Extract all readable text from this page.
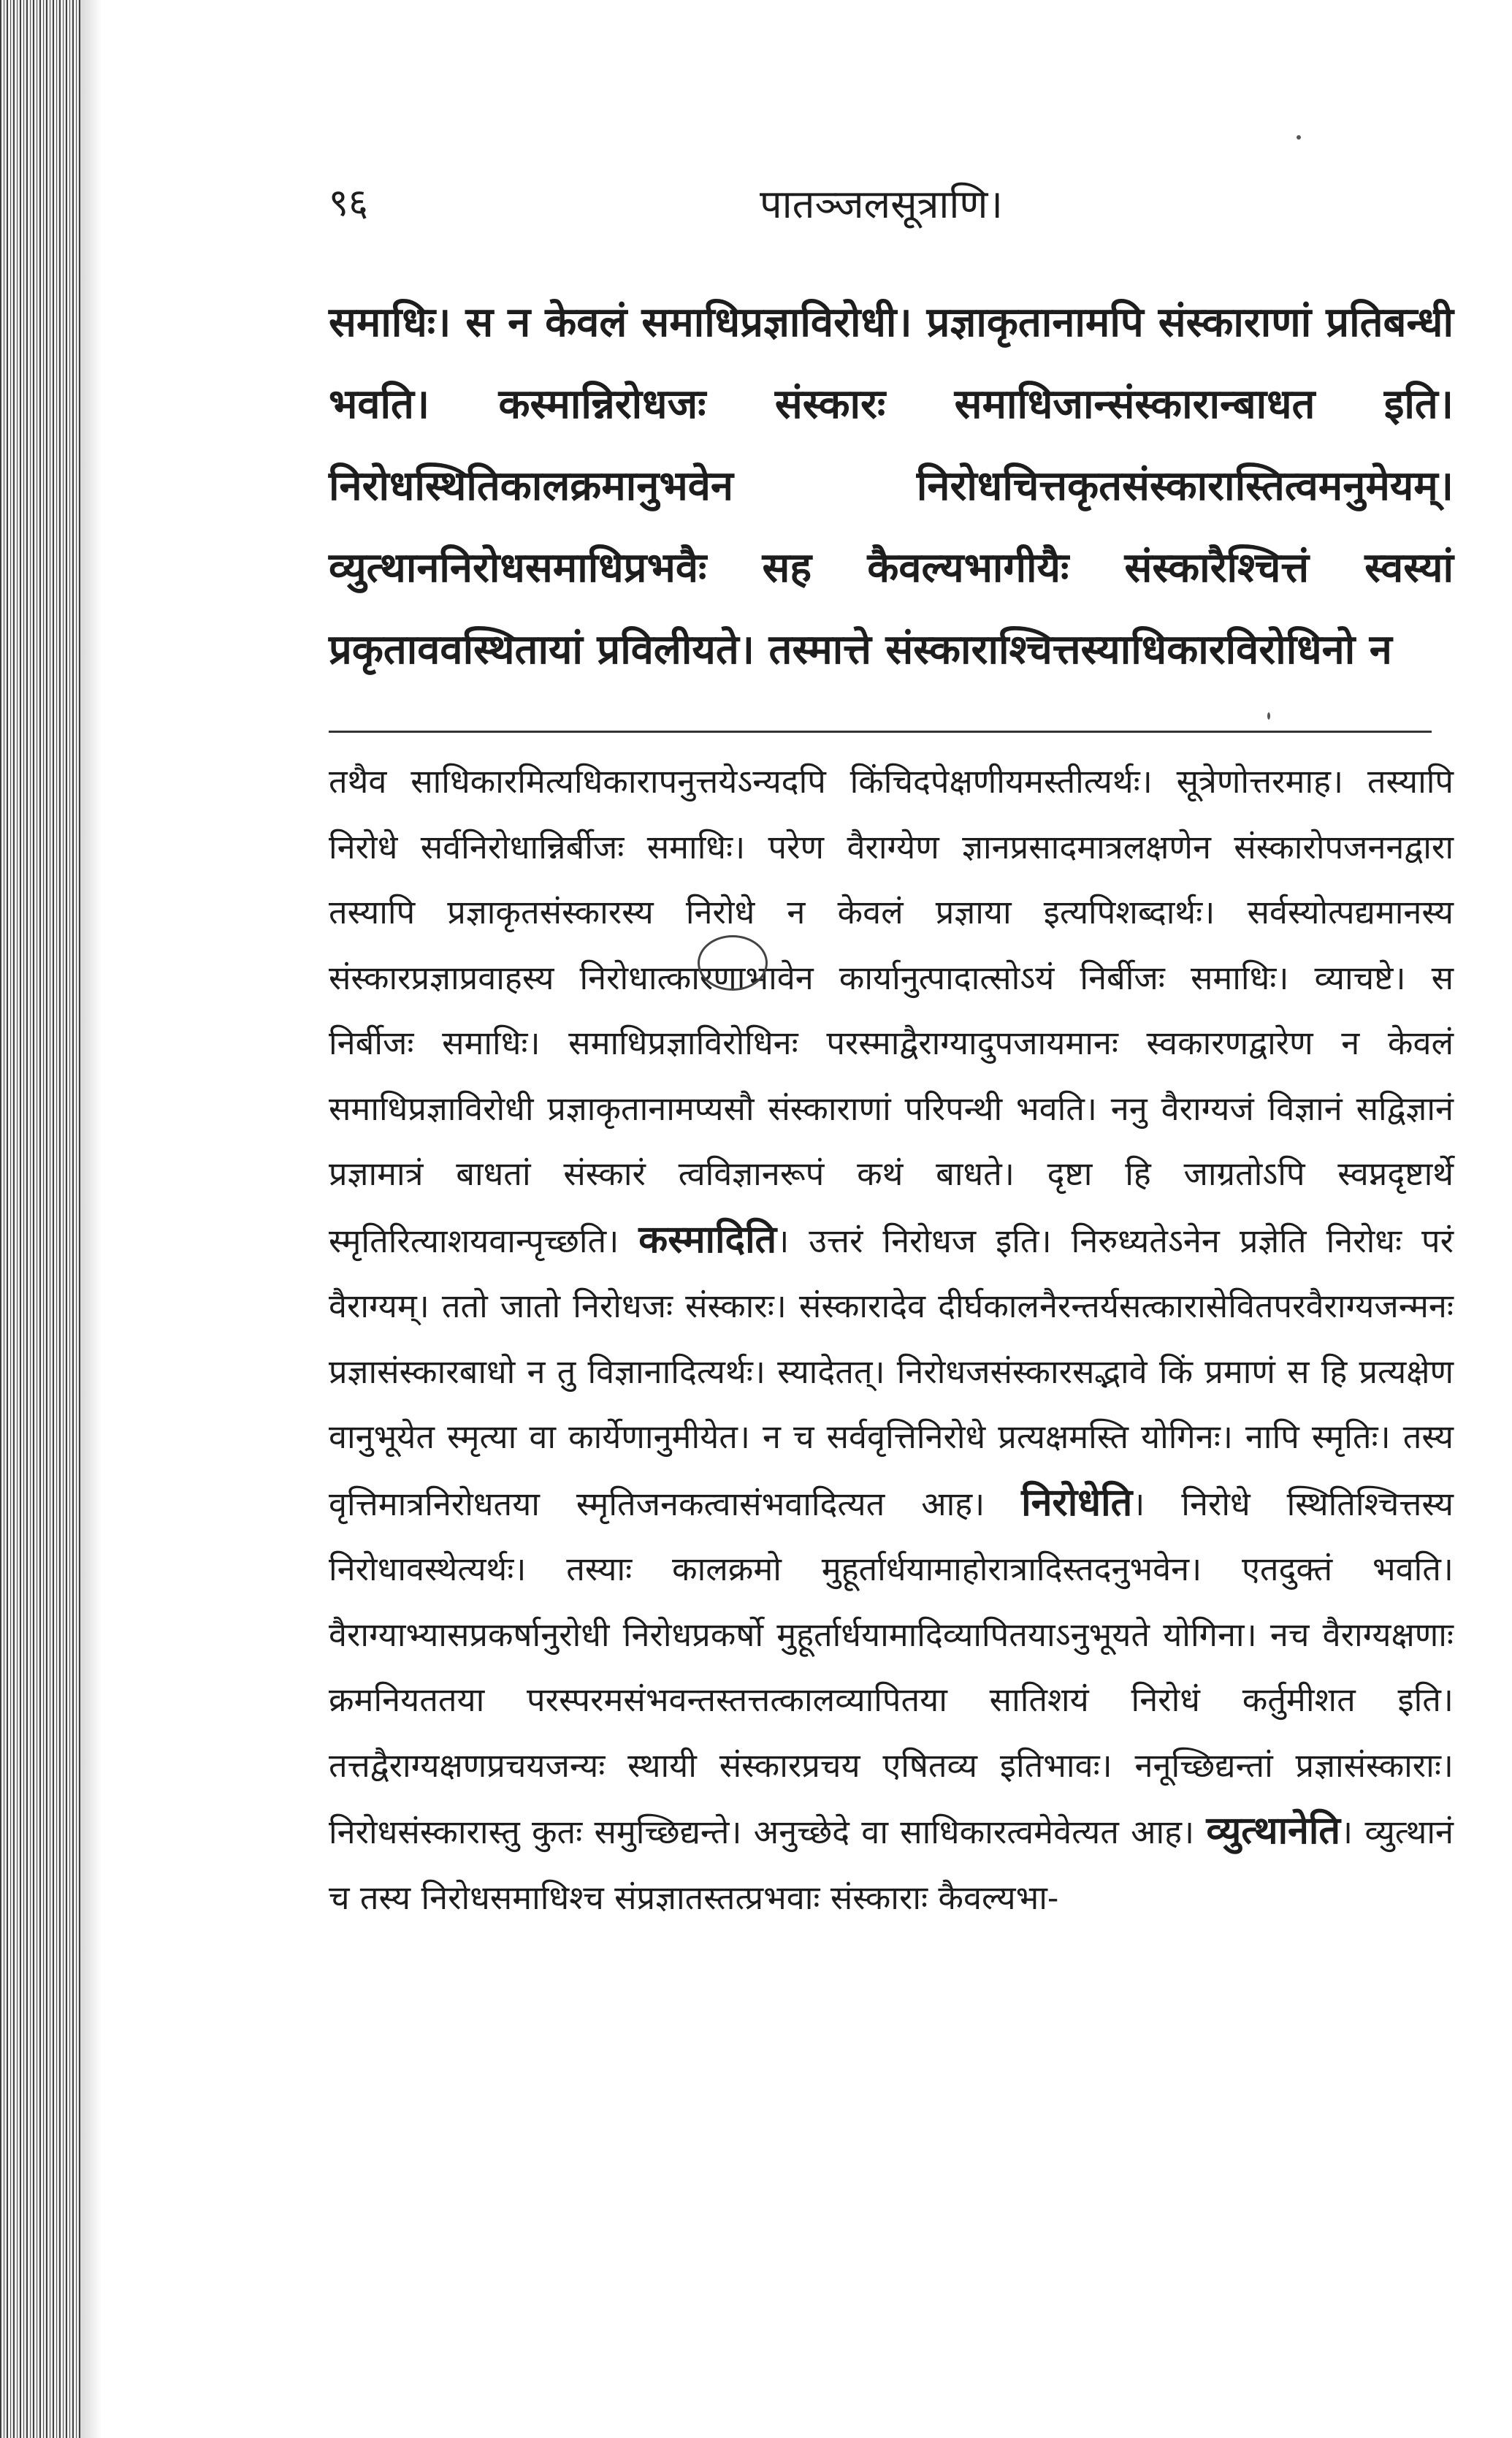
९६	पातञ्जलसूत्राणि।
समाधिः। स न केवलं समाधिप्रज्ञाविरोधी। प्रज्ञाकृतानामपि संस्काराणां प्रतिबन्धी भवति। कस्मान्निरोधजः संस्कारः समाधिजान्संस्कारान्बाधत इति। निरोधस्थितिकालक्रमानुभवेन निरोधचित्तकृतसंस्कारास्तित्वमनुमेयम्। व्युत्थाननिरोधसमाधिप्रभवैः सह कैवल्यभागीयैः संस्कारैश्चित्तं स्वस्यां प्रकृताववस्थितायां प्रविलीयते। तस्मात्ते संस्काराश्चित्तस्याधिकारविरोधिनो न
तथैव साधिकारमित्यधिकारापनुत्तयेऽन्यदपि किंचिदपेक्षणीयमस्तीत्यर्थः। सूत्रेणोत्तरमाह। तस्यापि निरोधे सर्वनिरोधान्निर्बीजः समाधिः। परेण वैराग्येण ज्ञानप्रसादमात्रलक्षणेन संस्कारोपजननद्वारा तस्यापि प्रज्ञाकृतसंस्कारस्य निरोधे न केवलं प्रज्ञाया इत्यपिशब्दार्थः। सर्वस्योत्पद्यमानस्य संस्कारप्रज्ञाप्रवाहस्य निरोधात्कारणाभावेन कार्यानुत्पादात्सोऽयं निर्बीजः समाधिः। व्याचष्टे। स निर्बीजः समाधिः। समाधिप्रज्ञाविरोधिनः परस्माद्वैराग्यादुपजायमानः स्वकारणद्वारेण न केवलं समाधिप्रज्ञाविरोधी प्रज्ञाकृतानामप्यसौ संस्काराणां परिपन्थी भवति। ननु वैराग्यजं विज्ञानं सद्विज्ञानं प्रज्ञामात्रं बाधतां संस्कारं त्वविज्ञानरूपं कथं बाधते। दृष्टा हि जाग्रतोऽपि स्वप्नदृष्टार्थे स्मृतिरित्याशयवान्पृच्छति। कस्मादिति। उत्तरं निरोधज इति। निरुध्यतेऽनेन प्रज्ञेति निरोधः परं वैराग्यम्। ततो जातो निरोधजः संस्कारः। संस्कारादेव दीर्घकालनैरन्तर्यसत्कारासेवितपरवैराग्यजन्मनः प्रज्ञासंस्कारबाधो न तु विज्ञानादित्यर्थः। स्यादेतत्। निरोधजसंस्कारसद्भावे किं प्रमाणं स हि प्रत्यक्षेण वानुभूयेत स्मृत्या वा कार्येणानुमीयेत। न च सर्ववृत्तिनिरोधे प्रत्यक्षमस्ति योगिनः। नापि स्मृतिः। तस्य वृत्तिमात्रनिरोधतया स्मृतिजनकत्वासंभवादित्यत आह। निरोधेति। निरोधे स्थितिश्चित्तस्य निरोधावस्थेत्यर्थः। तस्याः कालक्रमो मुहूर्तार्धयामाहोरात्रादिस्तदनुभवेन। एतदुक्तं भवति। वैराग्याभ्यासप्रकर्षानुरोधी निरोधप्रकर्षो मुहूर्तार्धयामादिव्यापितयाऽनुभूयते योगिना। नच वैराग्यक्षणाः क्रमनियततया परस्परमसंभवन्तस्तत्तत्कालव्यापितया सातिशयं निरोधं कर्तुमीशत इति। तत्तद्वैराग्यक्षणप्रचयजन्यः स्थायी संस्कारप्रचय एषितव्य इतिभावः। ननूच्छिद्यन्तां प्रज्ञासंस्काराः। निरोधसंस्कारास्तु कुतः समुच्छिद्यन्ते। अनुच्छेदे वा साधिकारत्वमेवेत्यत आह। व्युत्थानेति। व्युत्थानं च तस्य निरोधसमाधिश्च संप्रज्ञातस्तत्प्रभवाः संस्काराः कैवल्यभा-
